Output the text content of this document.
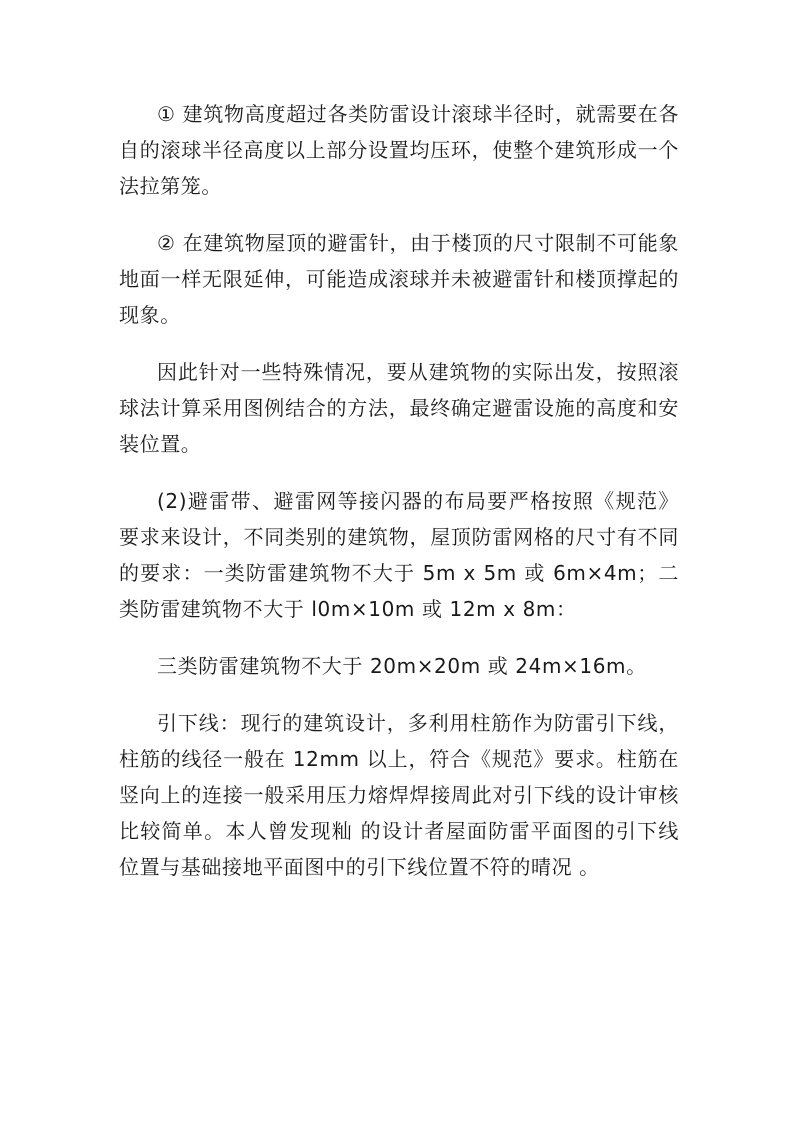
① 建筑物高度超过各类防雷设计滚球半径时，就需要在各自的滚球半径高度以上部分设置均压环，使整个建筑形成一个法拉第笼。

② 在建筑物屋顶的避雷针，由于楼顶的尺寸限制不可能象地面一样无限延伸，可能造成滚球并未被避雷针和楼顶撑起的现象。

因此针对一些特殊情况，要从建筑物的实际出发，按照滚球法计算采用图例结合的方法，最终确定避雷设施的高度和安装位置。

(2)避雷带、避雷网等接闪器的布局要严格按照《规范》要求来设计，不同类别的建筑物，屋顶防雷网格的尺寸有不同的要求：一类防雷建筑物不大于 5m x 5m 或 6m×4m；二类防雷建筑物不大于 l0m×10m 或 12m x 8m：

三类防雷建筑物不大于 20m×20m 或 24m×16m。

引下线：现行的建筑设计，多利用柱筋作为防雷引下线，柱筋的线径一般在 12mm 以上，符合《规范》要求。柱筋在竖向上的连接一般采用压力熔焊焊接周此对引下线的设计审核比较简单。本人曾发现籼 的设计者屋面防雷平面图的引下线位置与基础接地平面图中的引下线位置不符的晴况 。
